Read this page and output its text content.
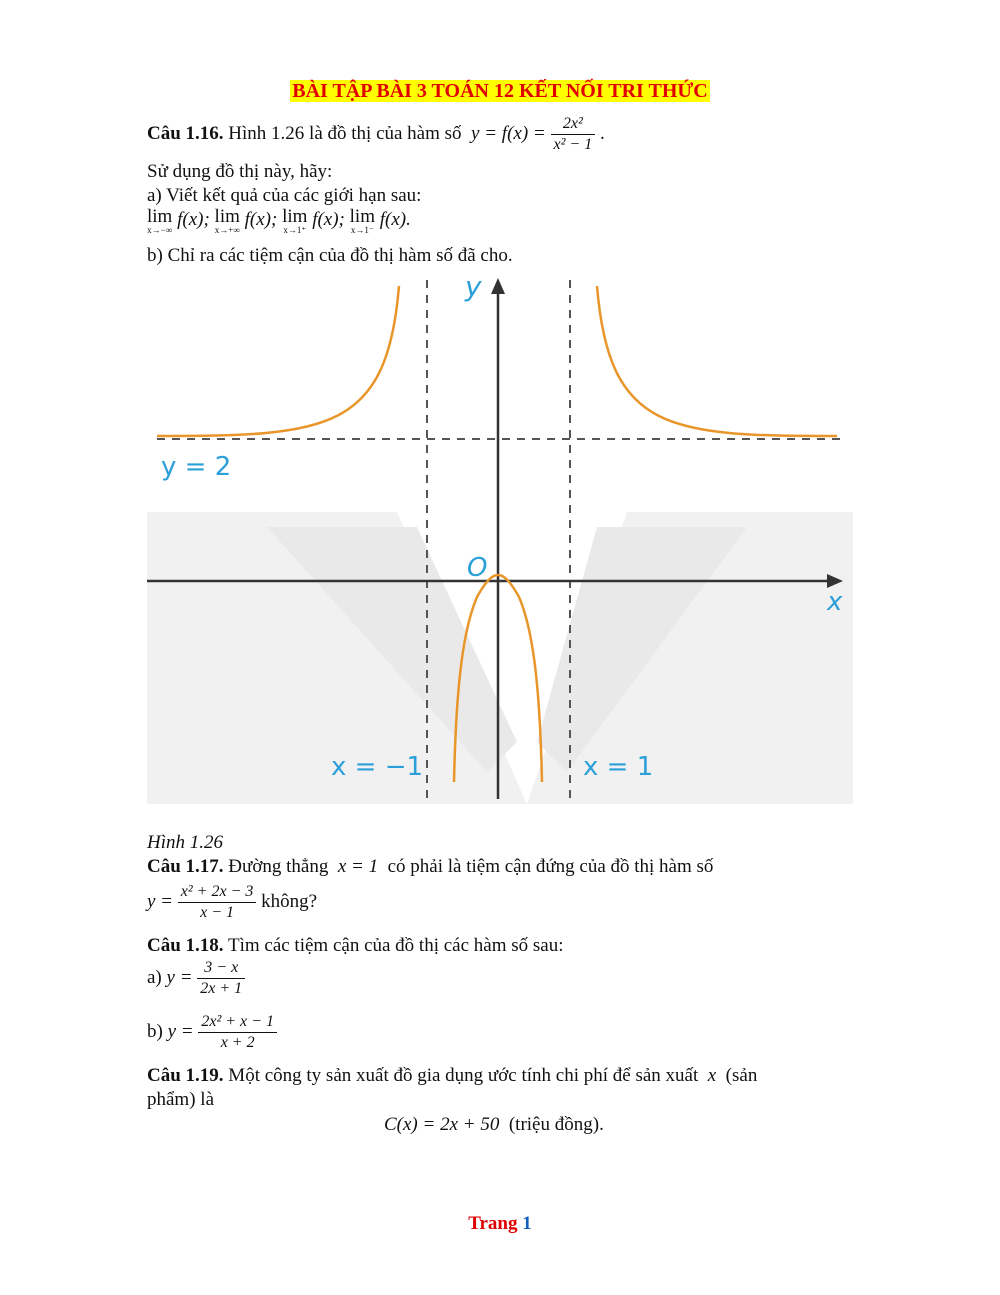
BÀI TẬP BÀI 3 TOÁN 12 KẾT NỐI TRI THỨC
Câu 1.16. Hình 1.26 là đồ thị của hàm số $y = f(x) = \frac{\text{2x²}}{\text{x² − 1}}$ .
Sử dụng đồ thị này, hãy:
a) Viết kết quả của các giới hạn sau:
lim
x→−∞ f(x); lim
x→+∞ f(x); lim
x→1⁺ f(x); lim
x→1⁻ f(x).
b) Chỉ ra các tiệm cận của đồ thị hàm số đã cho.
y
x
O
y = 2
x = −1	x = 1
Hình 1.26
Câu 1.17. Đường thẳng x = 1 có phải là tiệm cận đứng của đồ thị hàm số
$y = \frac{\text{x² + 2x − 3}}{x - 1}$ không?
Câu 1.18. Tìm các tiệm cận của đồ thị các hàm số sau:
a) $y = \frac{3 - x}{2x + 1}$
b) $y = \frac{\text{2x² + x − 1}}{x + 2}$
Câu 1.19. Một công ty sản xuất đồ gia dụng ước tính chi phí để sản xuất x (sản
phẩm) là
C(x) = 2x + 50 (triệu đồng).
Trang 1
